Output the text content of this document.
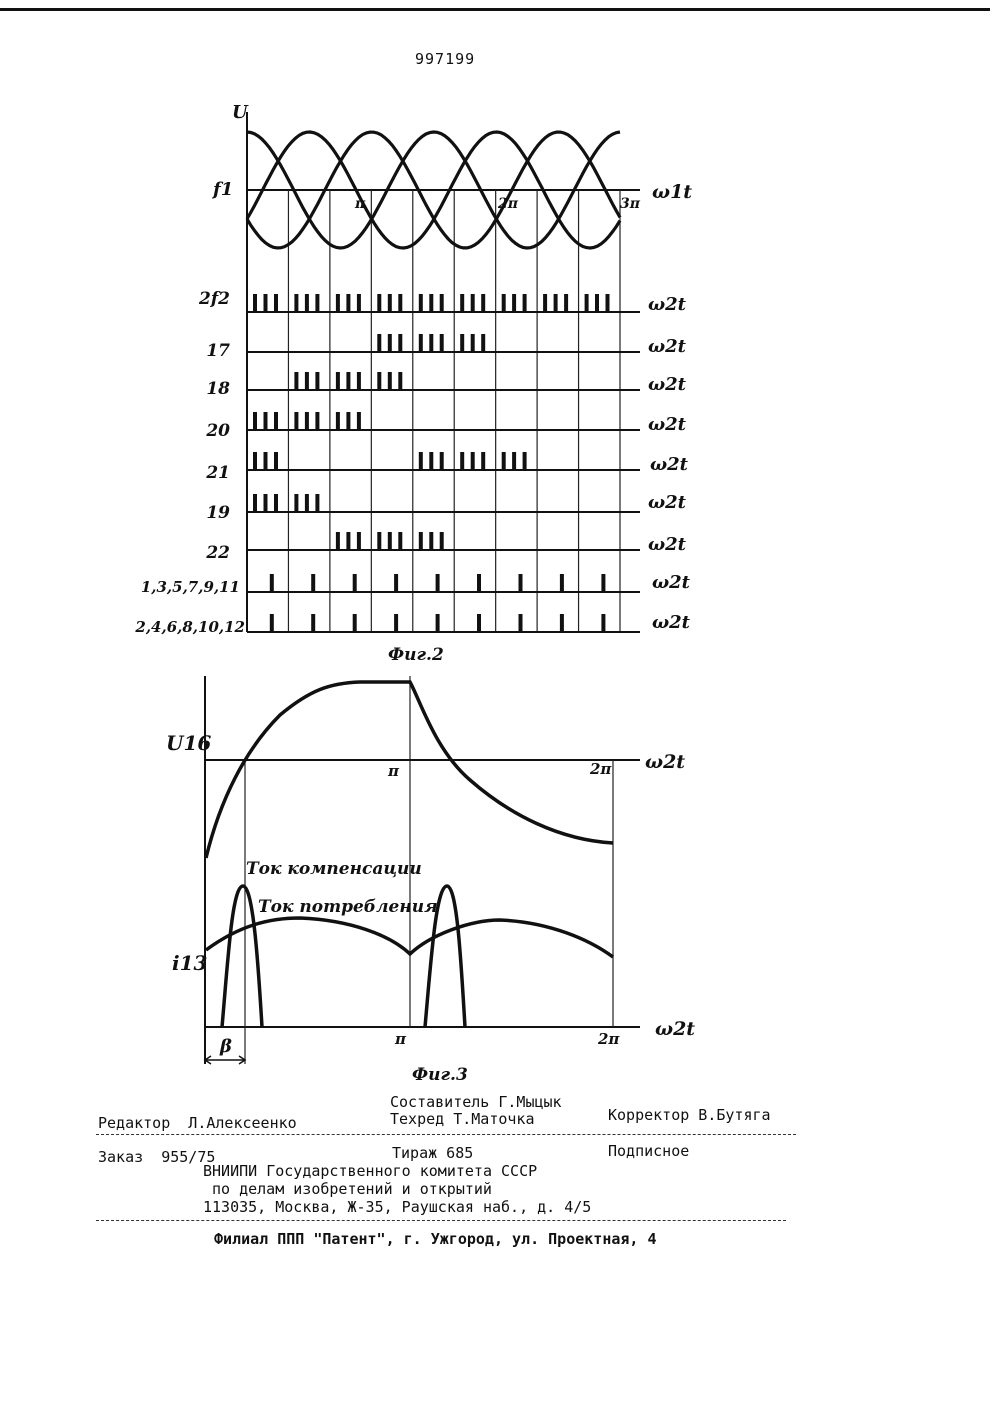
997199
U
f1	ω1t
π	2π	3π
2f2
17
18
20
21
19
22
1,3,5,7,9,11
2,4,6,8,10,12
ω2t
ω2t
ω2t
ω2t
ω2t
ω2t
ω2t
ω2t
ω2t
Фиг.2
U16
i13
ω2t
ω2t
π	2π
π	2π
Ток компенсации
Ток потребления
β
Фиг.3
Составитель Г.Мыцык
Редактор  Л.Алексеенко	Техред Т.Маточка	Корректор В.Бутяга
Заказ  955/75	Тираж 685	Подписное
ВНИИПИ Государственного комитета СССР
по делам изобретений и открытий
113035, Москва, Ж-35, Раушская наб., д. 4/5
Филиал ППП "Патент", г. Ужгород, ул. Проектная, 4
